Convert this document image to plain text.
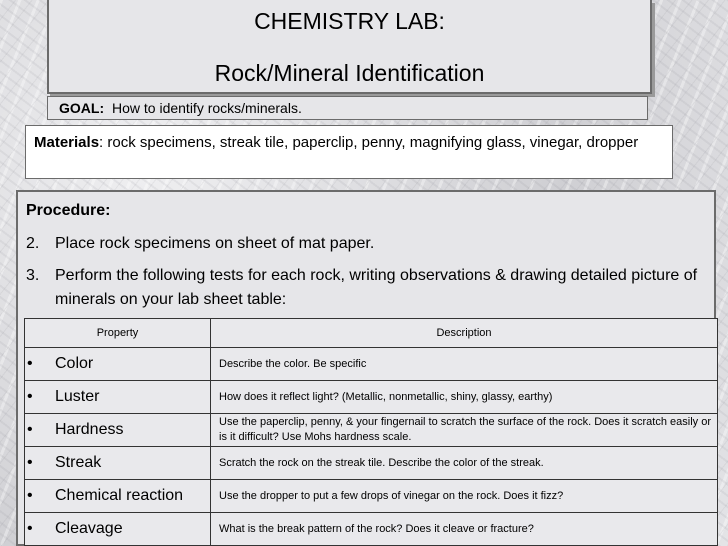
CHEMISTRY LAB:
Rock/Mineral Identification
GOAL: How to identify rocks/minerals.
Materials: rock specimens, streak tile, paperclip, penny, magnifying glass, vinegar, dropper
Procedure:
2. Place rock specimens on sheet of mat paper.
3. Perform the following tests for each rock, writing observations & drawing detailed picture of minerals on your lab sheet table:
Property	Description

• Color	Describe the color. Be specific

• Luster	How does it reflect light? (Metallic, nonmetallic, shiny, glassy, earthy)

• Hardness	Use the paperclip, penny, & your fingernail to scratch the surface of the rock. Does it scratch easily or is it difficult? Use Mohs hardness scale.

• Streak	Scratch the rock on the streak tile. Describe the color of the streak.

• Chemical reaction	Use the dropper to put a few drops of vinegar on the rock. Does it fizz?

• Cleavage	What is the break pattern of the rock? Does it cleave or fracture?
